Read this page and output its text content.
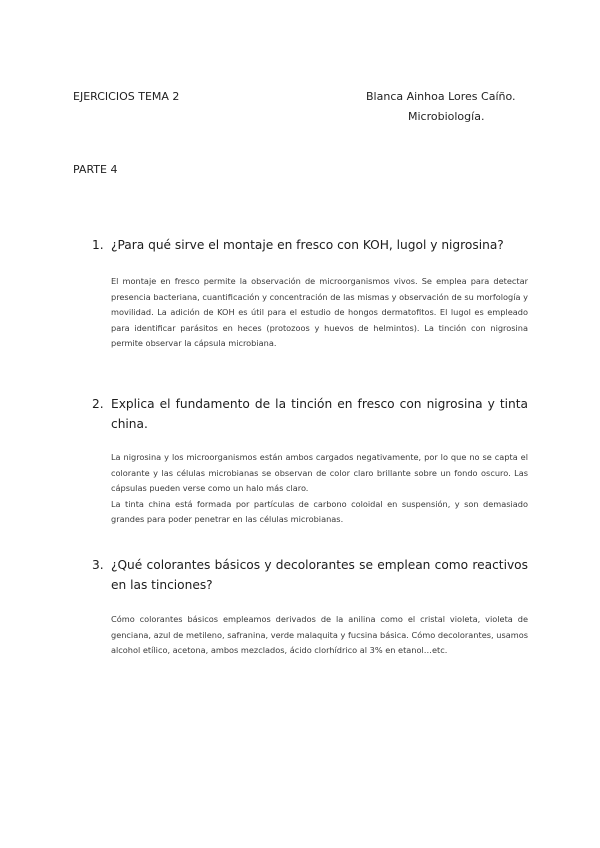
EJERCICIOS TEMA 2	Blanca Ainhoa Lores Caíño.
Microbiología.
PARTE 4
1. ¿Para qué sirve el montaje en fresco con KOH, lugol y nigrosina?

El montaje en fresco permite la observación de microorganismos vivos. Se emplea para detectar presencia bacteriana, cuantificación y concentración de las mismas y observación de su morfología y movilidad. La adición de KOH es útil para el estudio de hongos dermatofitos. El lugol es empleado para identificar parásitos en heces (protozoos y huevos de helmintos). La tinción con nigrosina permite observar la cápsula microbiana.

2. Explica el fundamento de la tinción en fresco con nigrosina y tinta china.

La nigrosina y los microorganismos están ambos cargados negativamente, por lo que no se capta el colorante y las células microbianas se observan de color claro brillante sobre un fondo oscuro. Las cápsulas pueden verse como un halo más claro.

La tinta china está formada por partículas de carbono coloidal en suspensión, y son demasiado grandes para poder penetrar en las células microbianas.

3. ¿Qué colorantes básicos y decolorantes se emplean como reactivos en las tinciones?

Cómo colorantes básicos empleamos derivados de la anilina como el cristal violeta, violeta de genciana, azul de metileno, safranina, verde malaquita y fucsina básica. Cómo decolorantes, usamos alcohol etílico, acetona, ambos mezclados, ácido clorhídrico al 3% en etanol…etc.
